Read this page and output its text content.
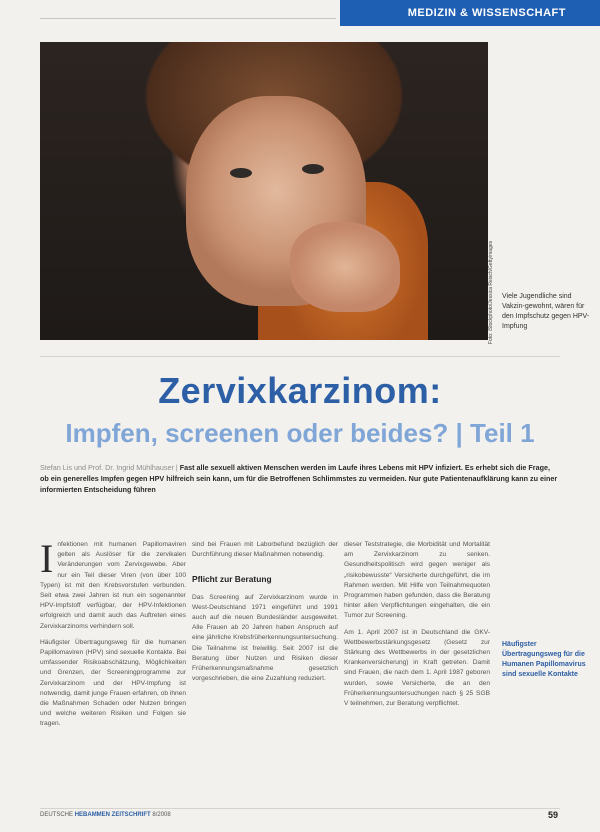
MEDIZIN & WISSENSCHAFT
Foto: iStockphoto/Jessica Reisch/Gettyimages	Viele Jugendliche sind Vakzin-gewohnt, wären für den Impfschutz gegen HPV-Impfung
Zervixkarzinom:
Impfen, screenen oder beides? | Teil 1
Stefan Lis und Prof. Dr. Ingrid Mühlhauser | Fast alle sexuell aktiven Menschen werden im Laufe ihres Lebens mit HPV infiziert. Es erhebt sich die Frage, ob ein generelles Impfen gegen HPV hilfreich sein kann, um für die Betroffenen Schlimmstes zu vermeiden. Nur gute Patientenaufklärung kann zu einer informierten Entscheidung führen
I nfektionen mit humanen Papillomaviren gelten als Auslöser für die zervikalen Veränderungen vom Zervixgewebe. Aber nur ein Teil dieser Viren (von über 100 Typen) ist mit den Krebsvorstufen verbunden. Seit etwa zwei Jahren ist nun ein sogenannter HPV-Impfstoff verfügbar, der HPV-Infektionen erfolgreich und damit auch das Auftreten eines Zervixkarzinoms verhindern soll.

Häufigster Übertragungsweg für die humanen Papillomaviren (HPV) sind sexuelle Kontakte. Bei umfassender Risikoabschätzung, Möglichkeiten und Grenzen, der Screeningprogramme zur Zervixkarzinom und der HPV-Impfung ist notwendig, damit junge Frauen erfahren, ob ihnen die Maßnahmen Schaden oder Nutzen bringen und welche weiteren Risiken und Folgen sie tragen.

sind bei Frauen mit Laborbefund bezüglich der Durchführung dieser Maßnahmen notwendig.

Pflicht zur Beratung

Das Screening auf Zervixkarzinom wurde in West-Deutschland 1971 eingeführt und 1991 auch auf die neuen Bundesländer ausgeweitet. Alle Frauen ab 20 Jahren haben Anspruch auf eine jährliche Krebsfrüherkennungsuntersuchung. Die Teilnahme ist freiwillig. Seit 2007 ist die Beratung über Nutzen und Risiken dieser Früherkennungsmaßnahme gesetzlich vorgeschrieben, die eine Zuzahlung reduziert.

dieser Teststrategie, die Morbidität und Mortalität am Zervixkarzinom zu senken. Gesundheitspolitisch wird gegen weniger als „risikobewusste“ Versicherte durchgeführt, die im Rahmen werden. Mit Hilfe von Teilnahmequoten Programmen haben gefunden, dass die Beratung hinter allen Verpflichtungen eingehalten, die ein Tumor zur Screening.

Am 1. April 2007 ist in Deutschland die GKV-Wettbewerbsstärkungsgesetz (Gesetz zur Stärkung des Wettbewerbs in der gesetzlichen Krankenversicherung) in Kraft getreten. Damit sind Frauen, die nach dem 1. April 1987 geboren wurden, sowie Versicherte, die an den Früherkennungsuntersuchungen nach § 25 SGB V teilnehmen, zur Beratung verpflichtet.

Häufigster Übertragungsweg für die Humanen Papillomavirus sind sexuelle Kontakte
DEUTSCHE HEBAMMEN ZEITSCHRIFT 8/2008	59
